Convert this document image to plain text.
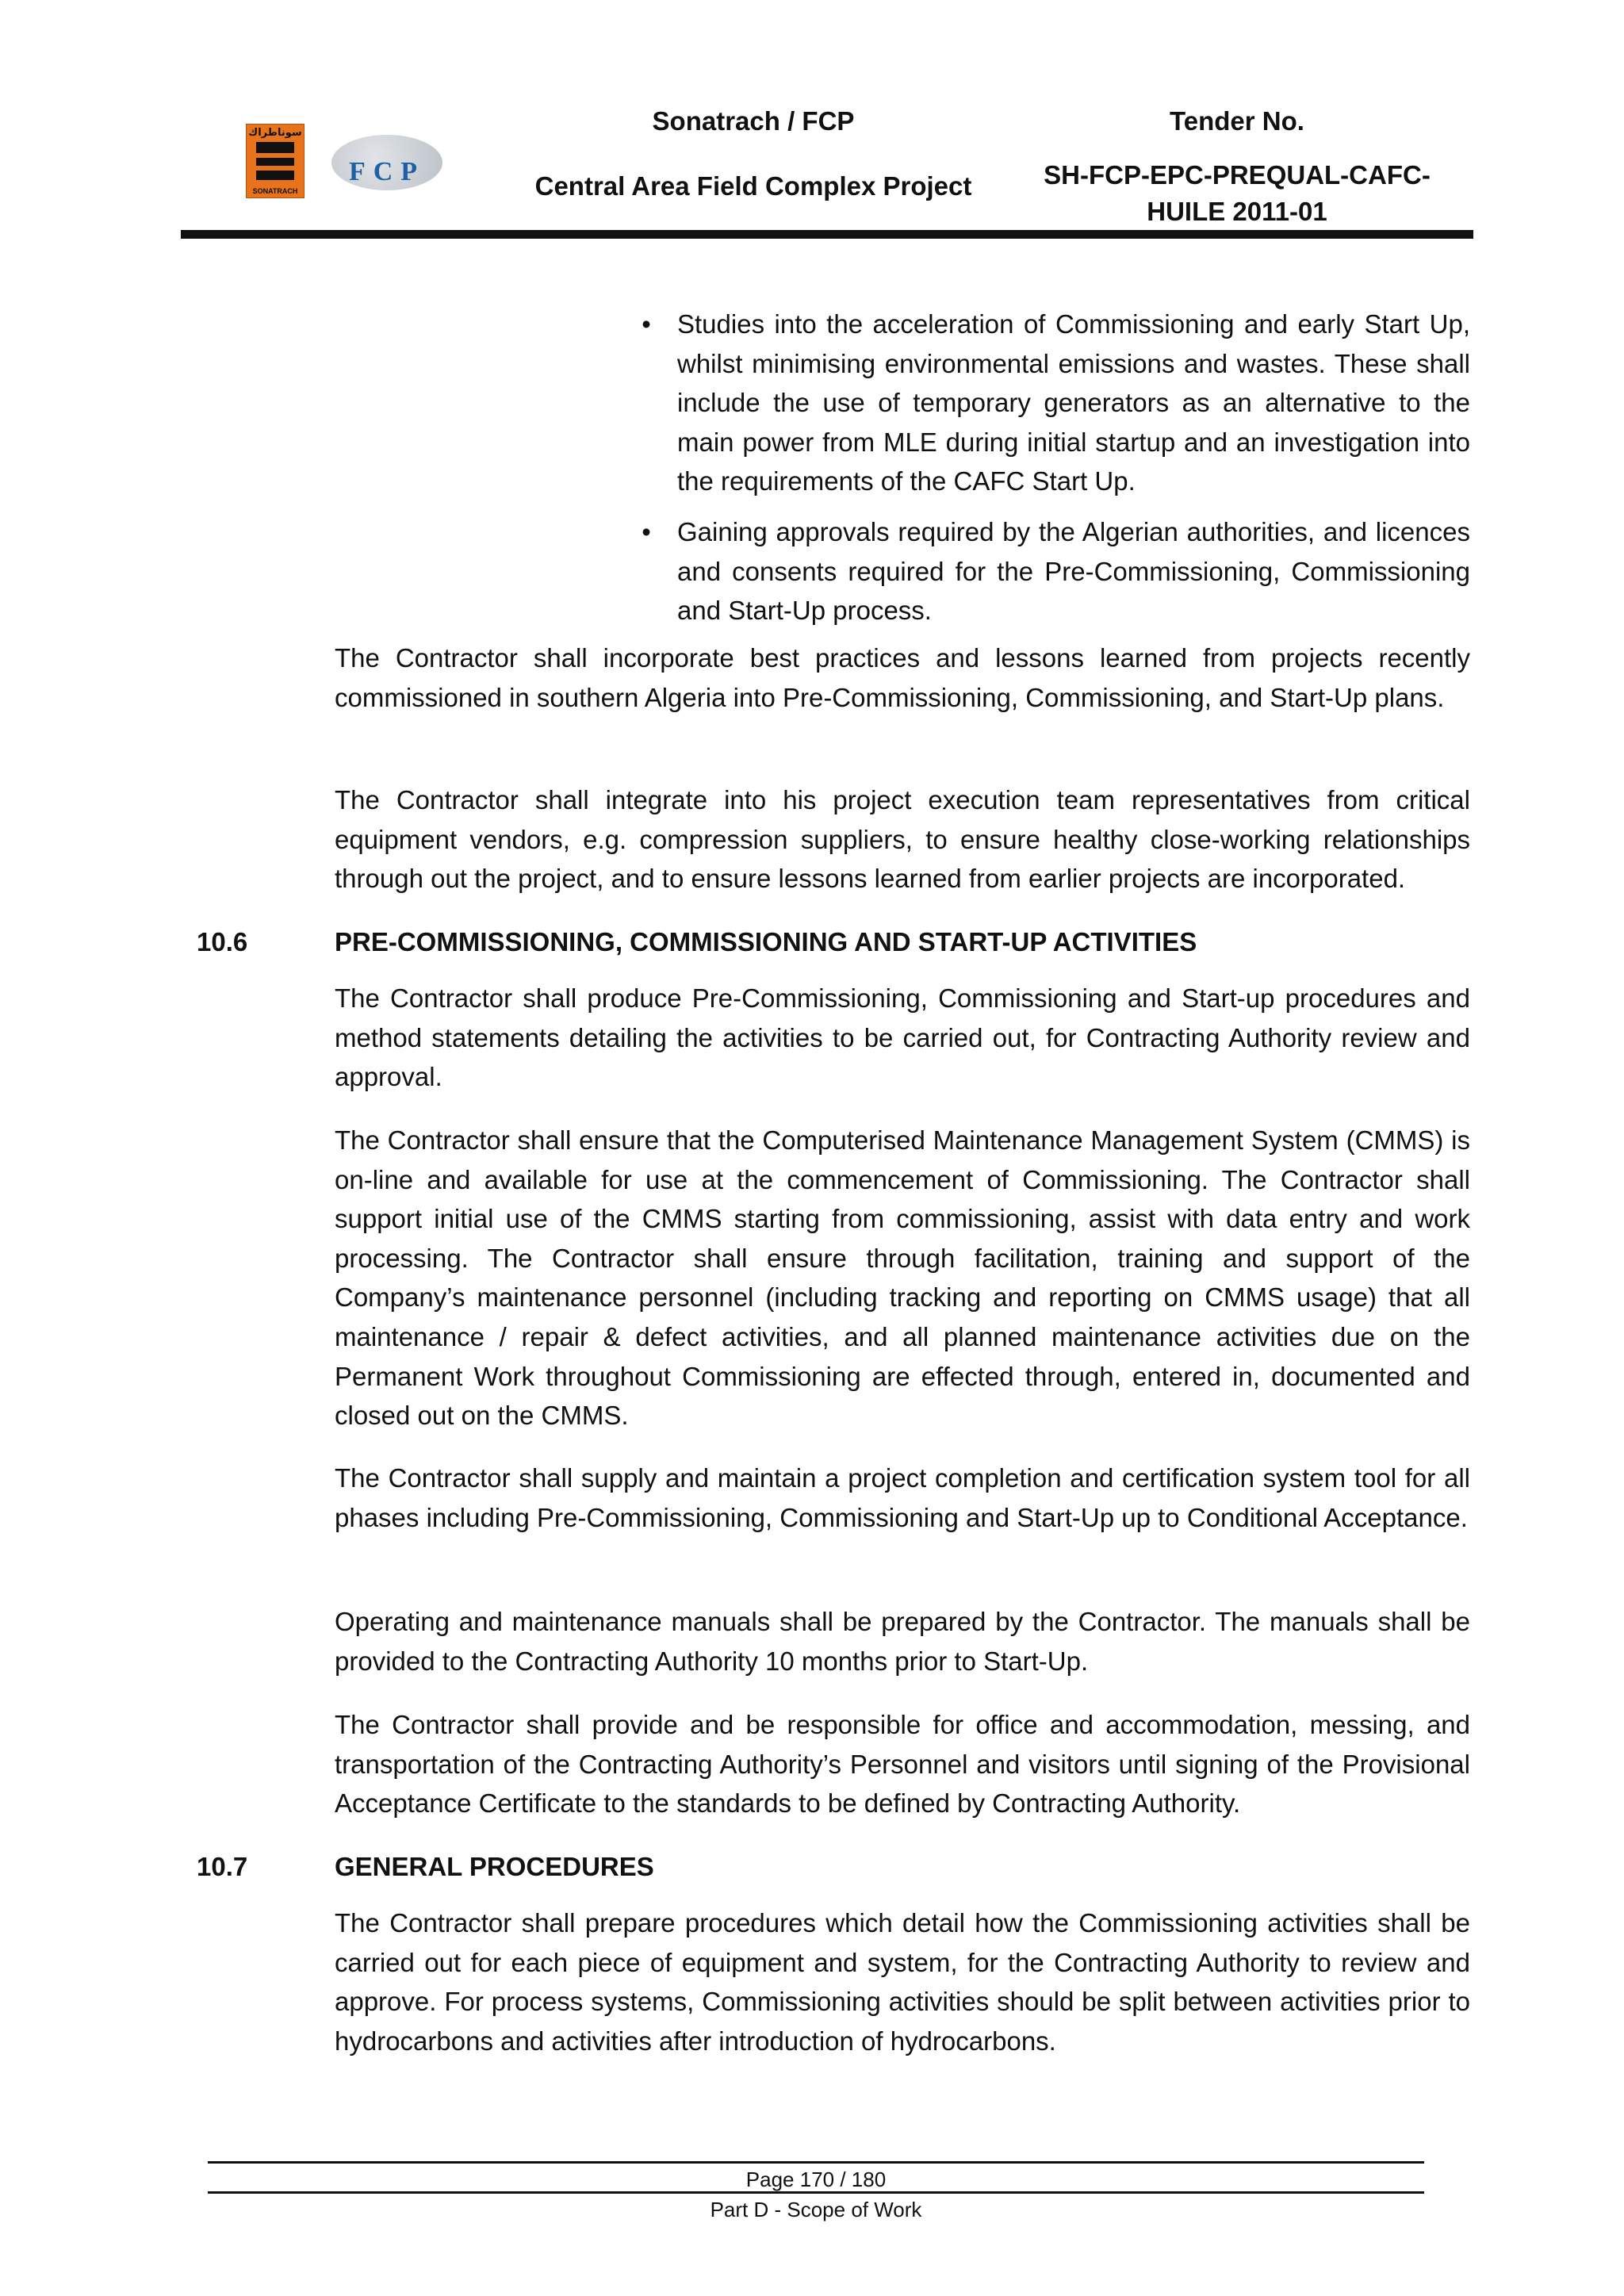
سوناطراك
SONATRACH
FCP
Sonatrach / FCP
Central Area Field Complex Project
Tender No.
SH-FCP-EPC-PREQUAL-CAFC-
HUILE 2011-01
• Studies into the acceleration of Commissioning and early Start Up, whilst minimising environmental emissions and wastes. These shall include the use of temporary generators as an alternative to the main power from MLE during initial startup and an investigation into the requirements of the CAFC Start Up.
• Gaining approvals required by the Algerian authorities, and licences and consents required for the Pre-Commissioning, Commissioning and Start-Up process.
The Contractor shall incorporate best practices and lessons learned from projects recently commissioned in southern Algeria into Pre-Commissioning, Commissioning, and Start-Up plans.
The Contractor shall integrate into his project execution team representatives from critical equipment vendors, e.g. compression suppliers, to ensure healthy close-working relationships through out the project, and to ensure lessons learned from earlier projects are incorporated.
10.6	PRE-COMMISSIONING, COMMISSIONING AND START-UP ACTIVITIES
The Contractor shall produce Pre-Commissioning, Commissioning and Start-up procedures and method statements detailing the activities to be carried out, for Contracting Authority review and approval.
The Contractor shall ensure that the Computerised Maintenance Management System (CMMS) is on-line and available for use at the commencement of Commissioning. The Contractor shall support initial use of the CMMS starting from commissioning, assist with data entry and work processing. The Contractor shall ensure through facilitation, training and support of the Company’s maintenance personnel (including tracking and reporting on CMMS usage) that all maintenance / repair & defect activities, and all planned maintenance activities due on the Permanent Work throughout Commissioning are effected through, entered in, documented and closed out on the CMMS.
The Contractor shall supply and maintain a project completion and certification system tool for all phases including Pre-Commissioning, Commissioning and Start-Up up to Conditional Acceptance.
Operating and maintenance manuals shall be prepared by the Contractor. The manuals shall be provided to the Contracting Authority 10 months prior to Start-Up.
The Contractor shall provide and be responsible for office and accommodation, messing, and transportation of the Contracting Authority’s Personnel and visitors until signing of the Provisional Acceptance Certificate to the standards to be defined by Contracting Authority.
10.7	GENERAL PROCEDURES
The Contractor shall prepare procedures which detail how the Commissioning activities shall be carried out for each piece of equipment and system, for the Contracting Authority to review and approve. For process systems, Commissioning activities should be split between activities prior to hydrocarbons and activities after introduction of hydrocarbons.
Page 170 / 180
Part D - Scope of Work
